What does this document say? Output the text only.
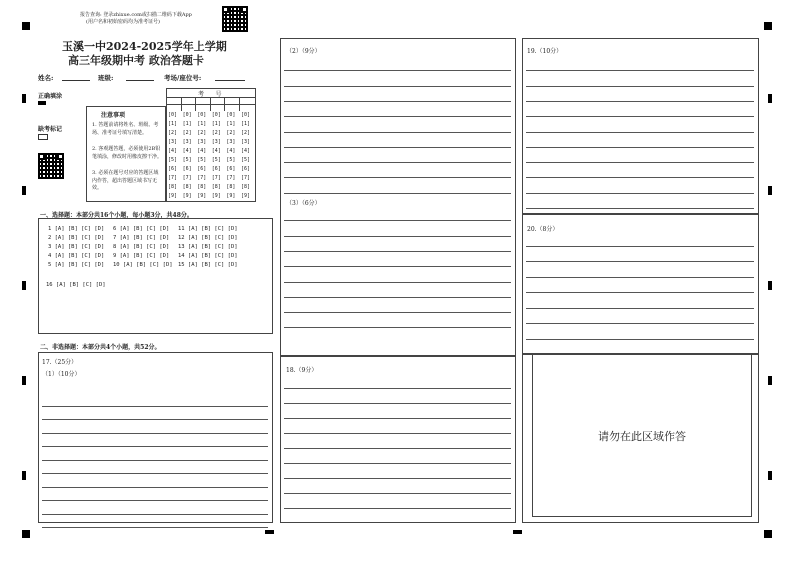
报告查询: 登录zhixue.com或扫描二维码下载App
(用户名和初始密码均为准考证号)
玉溪一中2024-2025学年上学期
高三年级期中考 政治答题卡
姓名:	班级:	考场/座位号:
正确填涂
缺考标记
注意事项
1. 答题前请将姓名、班级、考场、准考证号填写清楚。
2. 客观题答题，必须使用2B铅笔填涂，修改时用橡皮擦干净。
3. 必须在题号对应的答题区域内作答，超出答题区域书写无效。
考      号
[0]
[1]
[2]
[3]
[4]
[5]
[6]
[7]
[8]
[9]
[0]
[1]
[2]
[3]
[4]
[5]
[6]
[7]
[8]
[9]
[0]
[1]
[2]
[3]
[4]
[5]
[6]
[7]
[8]
[9]
[0]
[1]
[2]
[3]
[4]
[5]
[6]
[7]
[8]
[9]
[0]
[1]
[2]
[3]
[4]
[5]
[6]
[7]
[8]
[9]
[0]
[1]
[2]
[3]
[4]
[5]
[6]
[7]
[8]
[9]
一、选择题：本部分共16个小题，每小题3分，共48分。
1 [A] [B] [C] [D] 6 [A] [B] [C] [D] 11 [A] [B] [C] [D]
2 [A] [B] [C] [D] 7 [A] [B] [C] [D] 12 [A] [B] [C] [D]
3 [A] [B] [C] [D] 8 [A] [B] [C] [D] 13 [A] [B] [C] [D]
4 [A] [B] [C] [D] 9 [A] [B] [C] [D] 14 [A] [B] [C] [D]
5 [A] [B] [C] [D] 10 [A] [B] [C] [D] 15 [A] [B] [C] [D]
16 [A] [B] [C] [D]
二、非选择题：本部分共4个小题，共52分。
17.（25分）
（1）（10分）
（2）（9分）
（3）（6分）
18.（9分）
19.（10分）
20.（8分）
请勿在此区域作答
